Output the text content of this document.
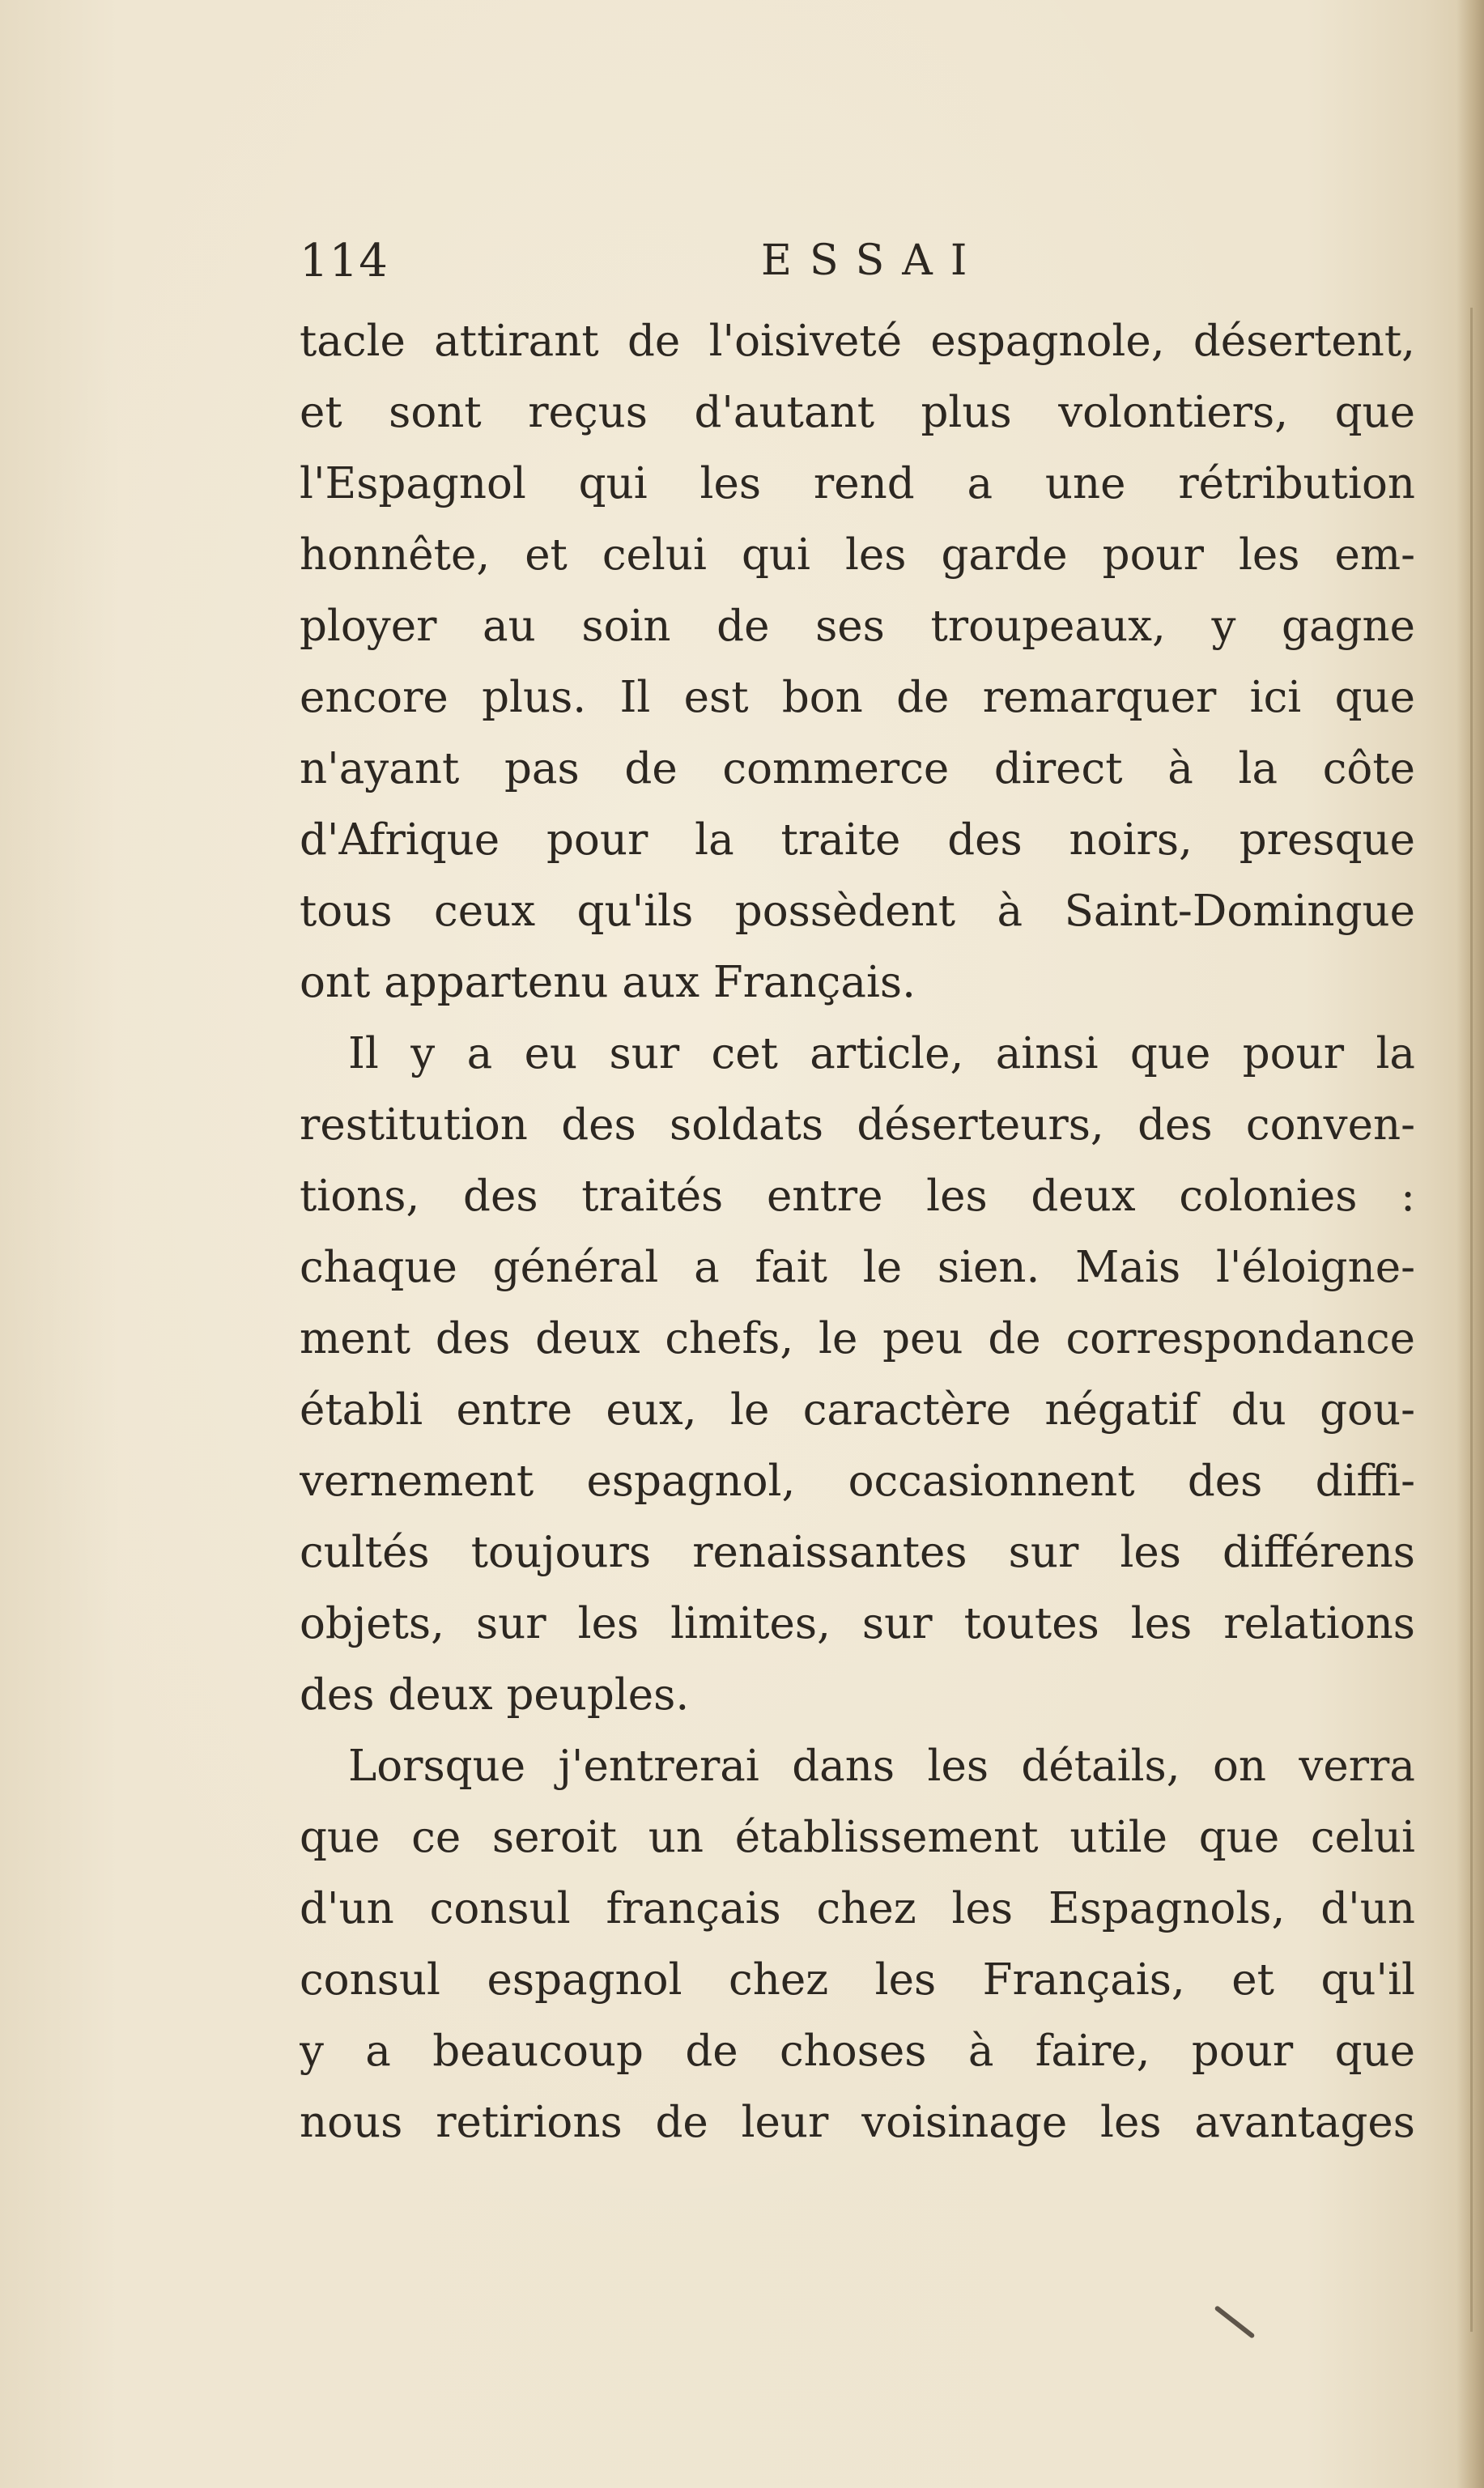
114	ESSAI
tacle attirant de l'oisiveté espagnole, désertent,
et sont reçus d'autant plus volontiers, que
l'Espagnol qui les rend a une rétribution
honnête, et celui qui les garde pour les em-
ployer au soin de ses troupeaux, y gagne
encore plus. Il est bon de remarquer ici que
n'ayant pas de commerce direct à la côte
d'Afrique pour la traite des noirs, presque
tous ceux qu'ils possèdent à Saint-Domingue
ont appartenu aux Français.
Il y a eu sur cet article, ainsi que pour la
restitution des soldats déserteurs, des conven-
tions, des traités entre les deux colonies :
chaque général a fait le sien. Mais l'éloigne-
ment des deux chefs, le peu de correspondance
établi entre eux, le caractère négatif du gou-
vernement espagnol, occasionnent des diffi-
cultés toujours renaissantes sur les différens
objets, sur les limites, sur toutes les relations
des deux peuples.
Lorsque j'entrerai dans les détails, on verra
que ce seroit un établissement utile que celui
d'un consul français chez les Espagnols, d'un
consul espagnol chez les Français, et qu'il
y a beaucoup de choses à faire, pour que
nous retirions de leur voisinage les avantages
